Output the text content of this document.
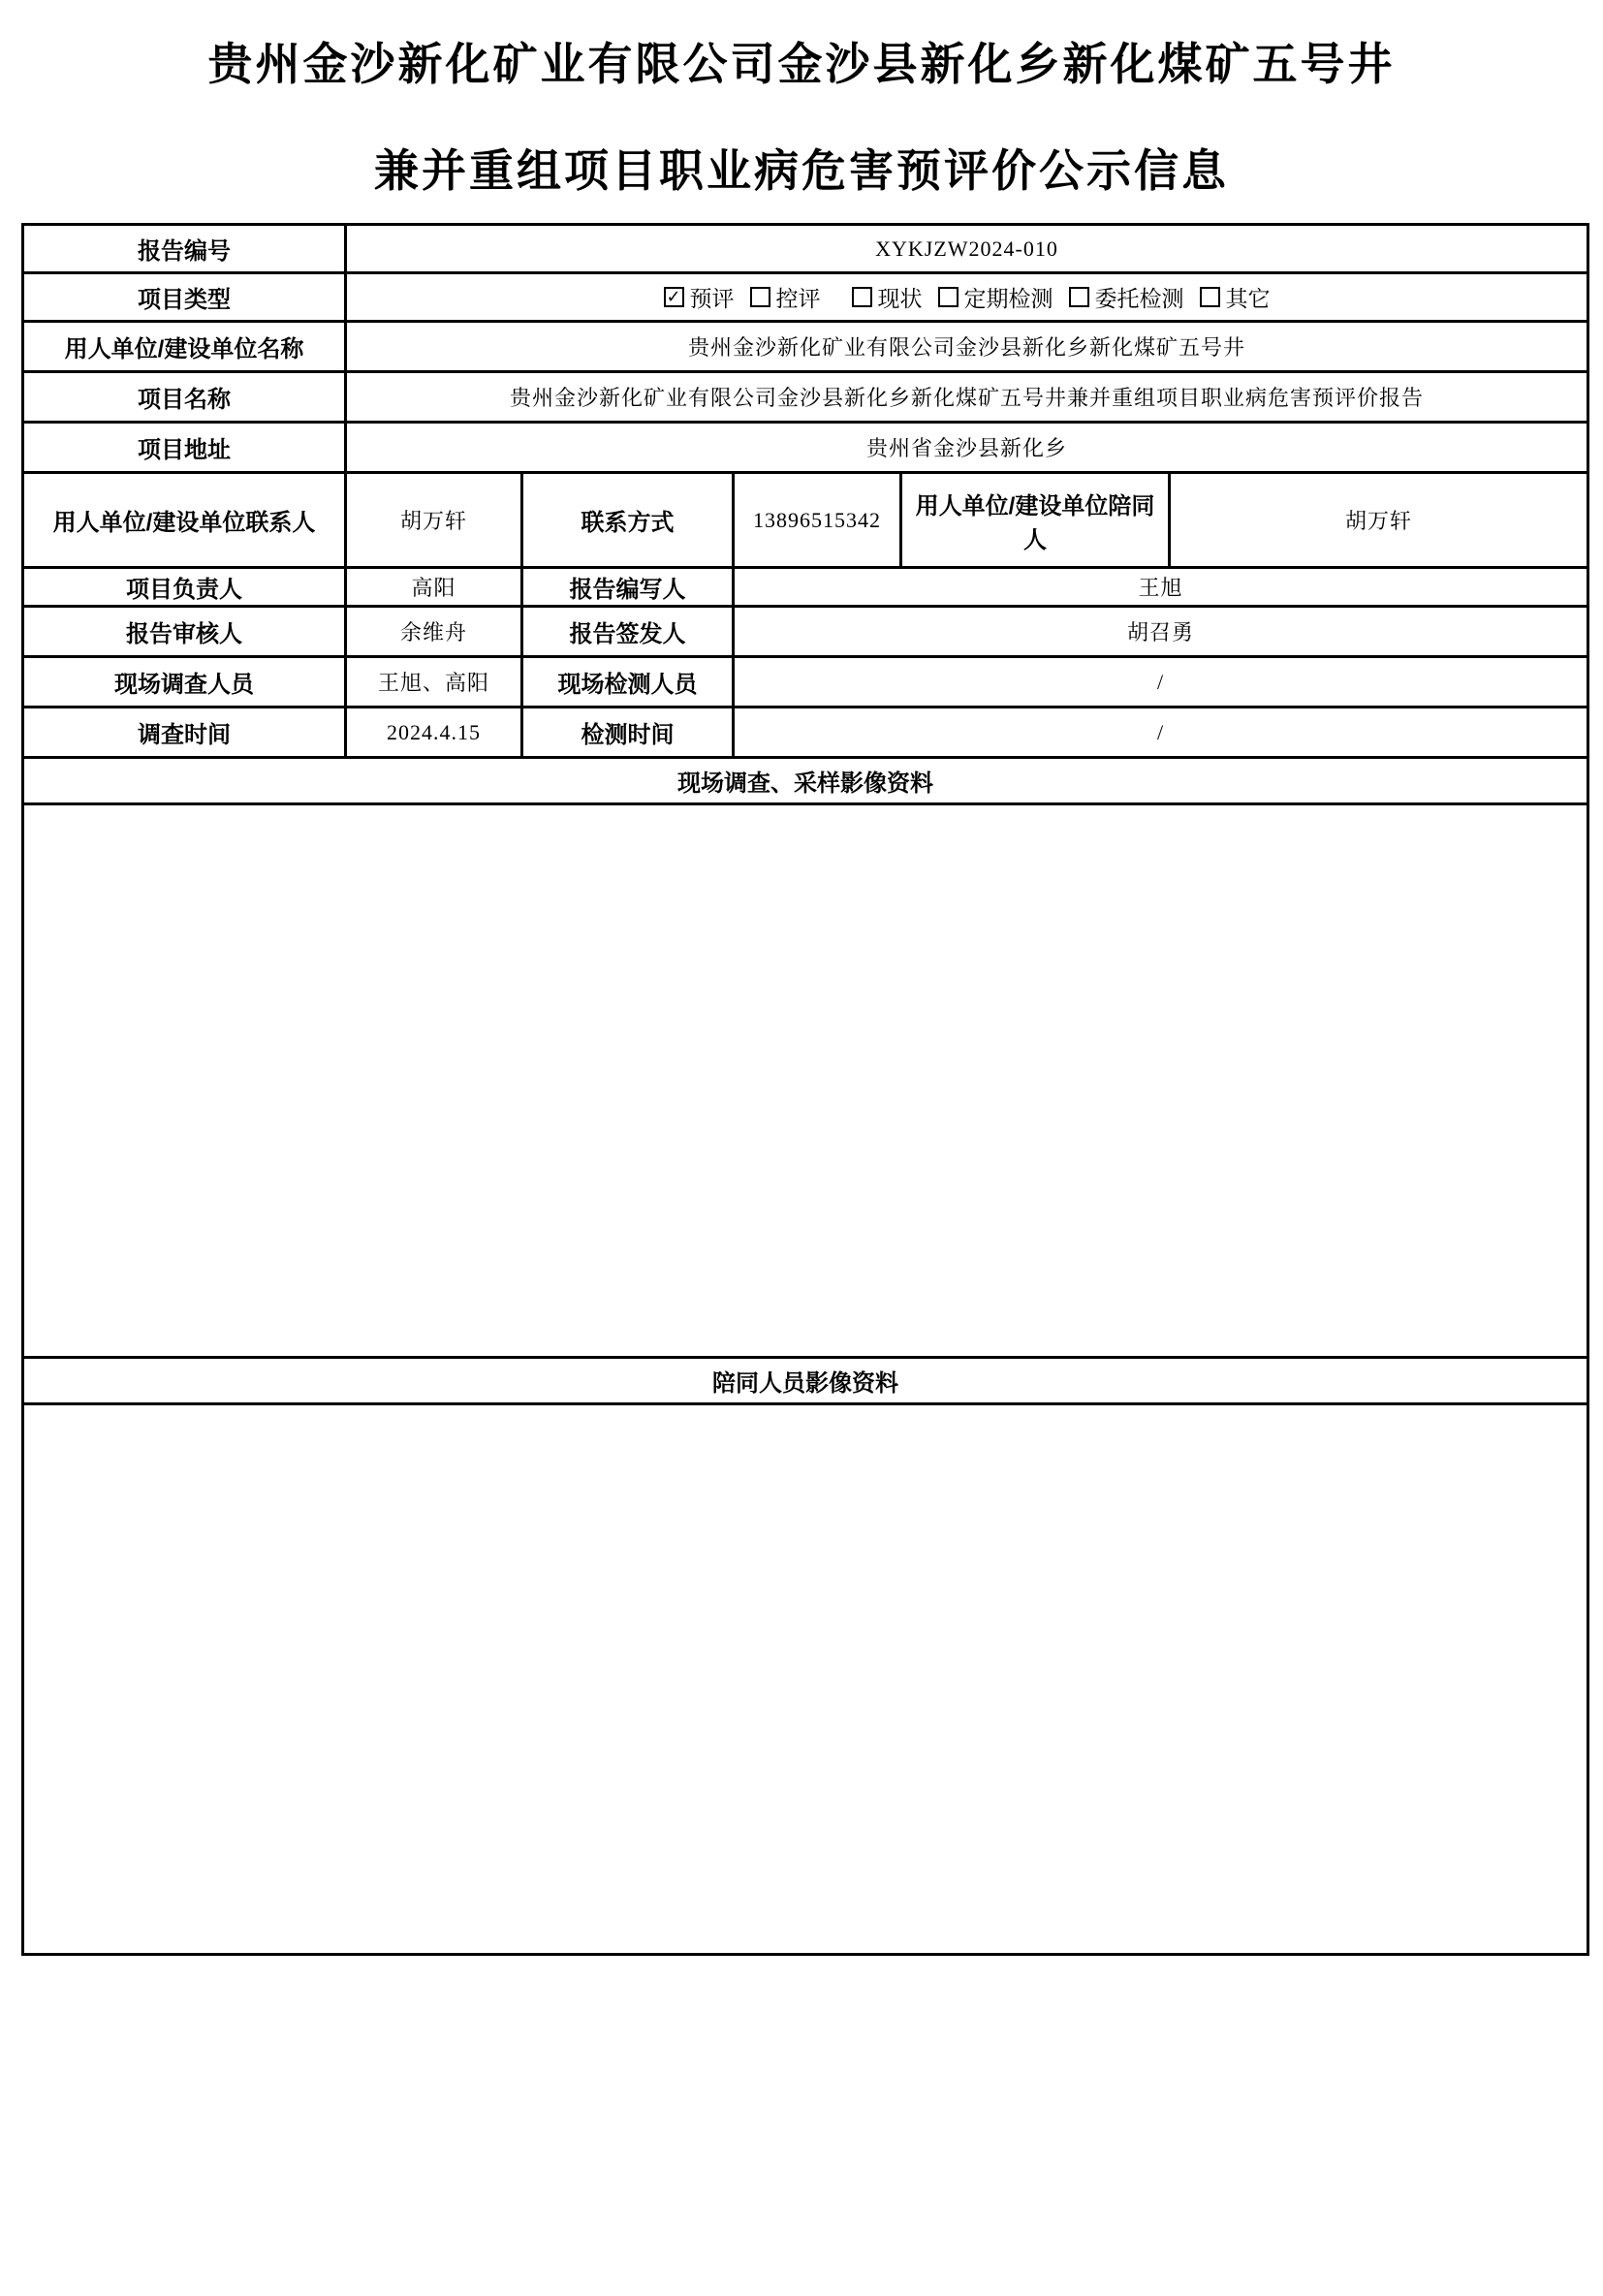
贵州金沙新化矿业有限公司金沙县新化乡新化煤矿五号井
兼并重组项目职业病危害预评价公示信息
报告编号	XYKJZW2024-010				
项目类型	✓ 预评 控评	现状 定期检测 委托检测 其它

用人单位/建设单位名称	贵州金沙新化矿业有限公司金沙县新化乡新化煤矿五号井				
项目名称	贵州金沙新化矿业有限公司金沙县新化乡新化煤矿五号井兼并重组项目职业病危害预评价报告				
项目地址	贵州省金沙县新化乡				
用人单位/建设单位联系人	胡万轩	联系方式	13896515342	用人单位/建设单位陪同人	胡万轩
项目负责人	高阳	报告编写人	王旭		
报告审核人	余维舟	报告签发人	胡召勇		
现场调查人员	王旭、高阳	现场检测人员	/		
调查时间	2024.4.15	检测时间	/		
现场调查、采样影像资料					

陪同人员影像资料					
